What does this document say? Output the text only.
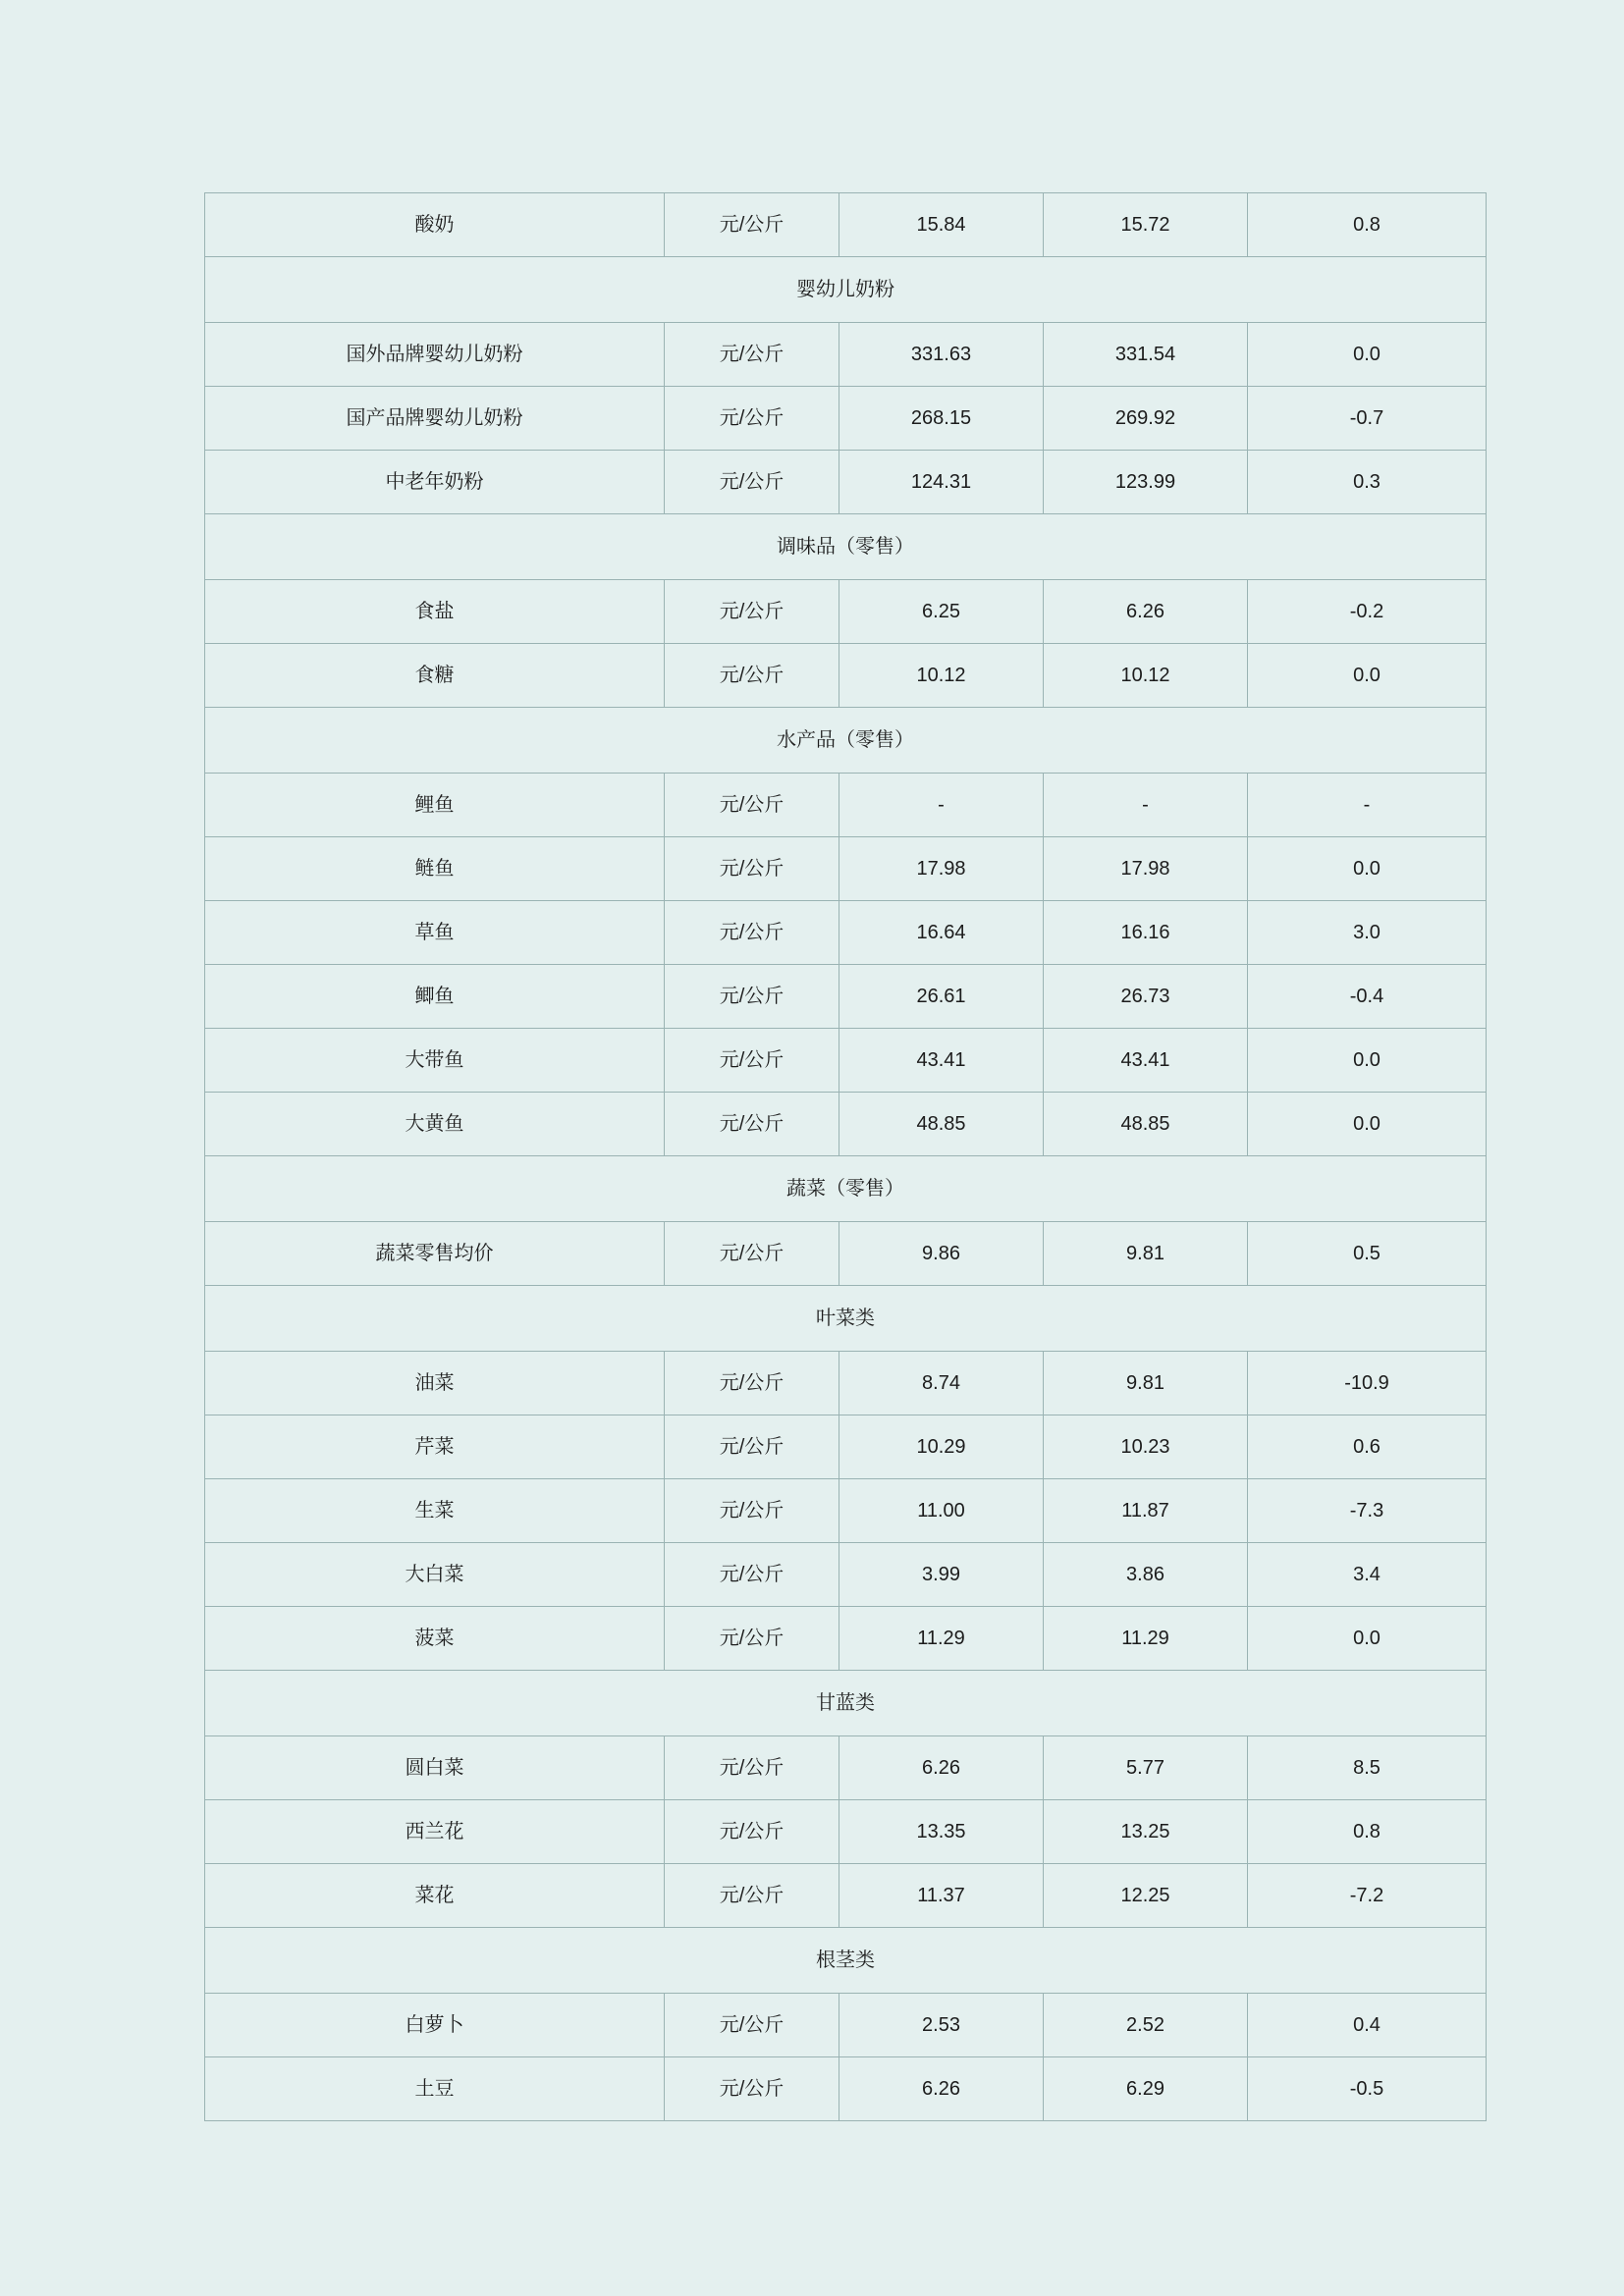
酸奶	元/公斤	15.84	15.72	0.8
婴幼儿奶粉				
国外品牌婴幼儿奶粉	元/公斤	331.63	331.54	0.0
国产品牌婴幼儿奶粉	元/公斤	268.15	269.92	-0.7
中老年奶粉	元/公斤	124.31	123.99	0.3
调味品（零售）				
食盐	元/公斤	6.25	6.26	-0.2
食糖	元/公斤	10.12	10.12	0.0
水产品（零售）				
鲤鱼	元/公斤	-	-	-
鲢鱼	元/公斤	17.98	17.98	0.0
草鱼	元/公斤	16.64	16.16	3.0
鲫鱼	元/公斤	26.61	26.73	-0.4
大带鱼	元/公斤	43.41	43.41	0.0
大黄鱼	元/公斤	48.85	48.85	0.0
蔬菜（零售）				
蔬菜零售均价	元/公斤	9.86	9.81	0.5
叶菜类				
油菜	元/公斤	8.74	9.81	-10.9
芹菜	元/公斤	10.29	10.23	0.6
生菜	元/公斤	11.00	11.87	-7.3
大白菜	元/公斤	3.99	3.86	3.4
菠菜	元/公斤	11.29	11.29	0.0
甘蓝类				
圆白菜	元/公斤	6.26	5.77	8.5
西兰花	元/公斤	13.35	13.25	0.8
菜花	元/公斤	11.37	12.25	-7.2
根茎类				
白萝卜	元/公斤	2.53	2.52	0.4
土豆	元/公斤	6.26	6.29	-0.5
